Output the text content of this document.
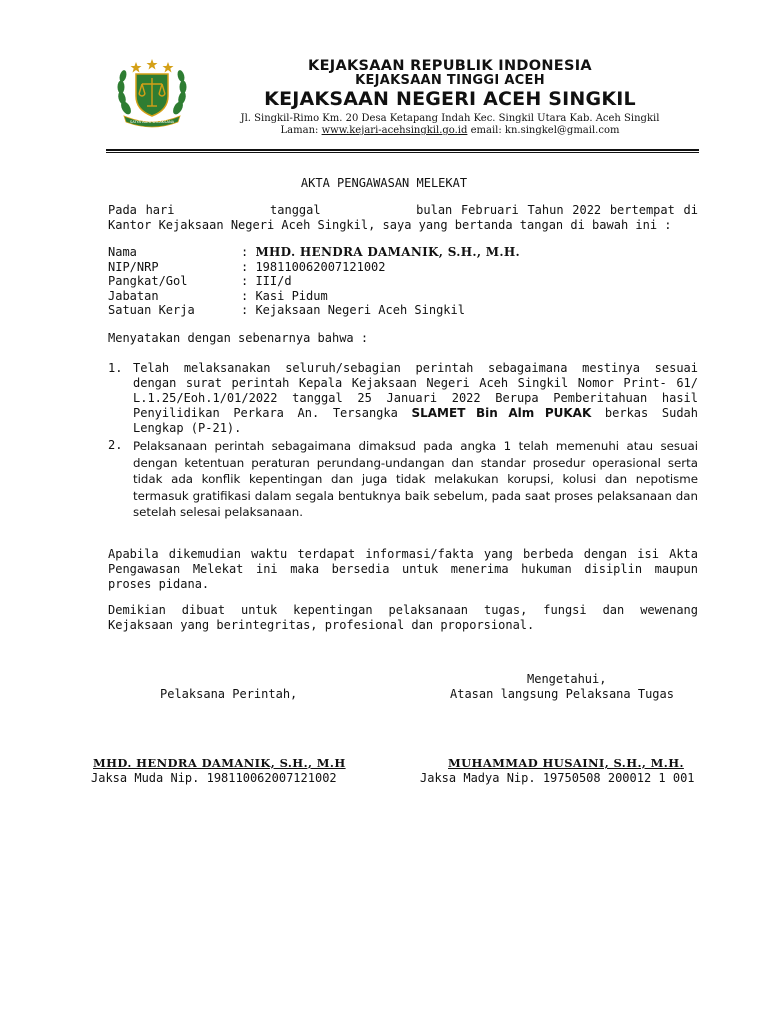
SATYA ADHI WICAKSANA
KEJAKSAAN REPUBLIK INDONESIA
KEJAKSAAN TINGGI ACEH
KEJAKSAAN NEGERI ACEH SINGKIL
Jl. Singkil-Rimo Km. 20 Desa Ketapang Indah Kec. Singkil Utara Kab. Aceh Singkil
Laman: www.kejari-acehsingkil.go.id email: kn.singkel@gmail.com
AKTA PENGAWASAN MELEKAT
Pada hari           tanggal           bulan Februari Tahun 2022 bertempat di Kantor Kejaksaan Negeri Aceh Singkil, saya yang bertanda tangan di bawah ini :
Nama	: MHD. HENDRA DAMANIK, S.H., M.H.
NIP/NRP	: 198110062007121002
Pangkat/Gol	: III/d
Jabatan	: Kasi Pidum
Satuan Kerja	: Kejaksaan Negeri Aceh Singkil
Menyatakan dengan sebenarnya bahwa :
1. Telah melaksanakan seluruh/sebagian perintah sebagaimana mestinya sesuai dengan surat perintah Kepala Kejaksaan Negeri Aceh Singkil Nomor Print- 61/ L.1.25/Eoh.1/01/2022 tanggal 25 Januari 2022 Berupa Pemberitahuan hasil Penyilidikan Perkara An. Tersangka SLAMET Bin Alm PUKAK berkas Sudah Lengkap (P-21).
2. Pelaksanaan perintah sebagaimana dimaksud pada angka 1 telah memenuhi atau sesuai dengan ketentuan peraturan perundang-undangan dan standar prosedur operasional serta tidak ada konflik kepentingan dan juga tidak melakukan korupsi, kolusi dan nepotisme termasuk gratifikasi dalam segala bentuknya baik sebelum, pada saat proses pelaksanaan dan setelah selesai pelaksanaan.
Apabila dikemudian waktu terdapat informasi/fakta yang berbeda dengan isi Akta Pengawasan Melekat ini maka bersedia untuk menerima hukuman disiplin maupun proses pidana.
Demikian dibuat untuk kepentingan pelaksanaan tugas, fungsi dan wewenang Kejaksaan yang berintegritas, profesional dan proporsional.
Mengetahui,
Pelaksana Perintah,	Atasan langsung Pelaksana Tugas
MHD. HENDRA DAMANIK, S.H., M.H
Jaksa Muda Nip. 198110062007121002
MUHAMMAD HUSAINI, S.H., M.H.
Jaksa Madya Nip. 19750508 200012 1 001
